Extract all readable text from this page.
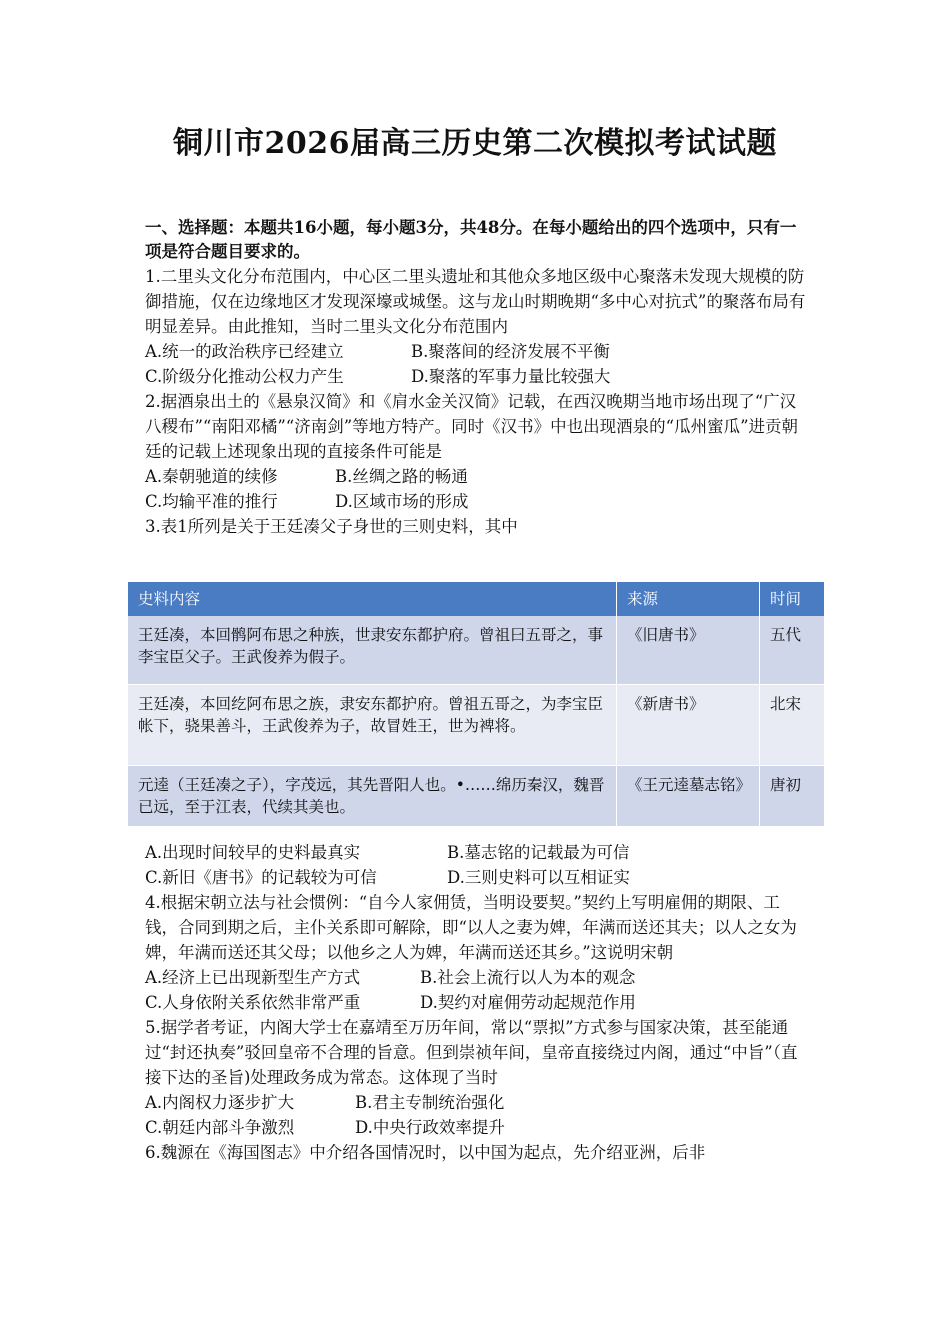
铜川市2026届高三历史第二次模拟考试试题

一、选择题：本题共16小题，每小题3分，共48分。在每小题给出的四个选项中，只有一项是符合题目要求的。

1.二里头文化分布范围内，中心区二里头遗址和其他众多地区级中心聚落未发现大规模的防御措施，仅在边缘地区才发现深壕或城堡。这与龙山时期晚期“多中心对抗式”的聚落布局有明显差异。由此推知，当时二里头文化分布范围内

A.统一的政治秩序已经建立	B.聚落间的经济发展不平衡
C.阶级分化推动公权力产生	D.聚落的军事力量比较强大

2.据酒泉出土的《悬泉汉简》和《肩水金关汉简》记载，在西汉晚期当地市场出现了“广汉八稷布”“南阳邓橘”“济南剑”等地方特产。同时《汉书》中也出现酒泉的“瓜州蜜瓜”进贡朝廷的记载上述现象出现的直接条件可能是

A.秦朝驰道的续修	B.丝绸之路的畅通
C.均输平准的推行	D.区域市场的形成

3.表1所列是关于王廷凑父子身世的三则史料，其中

史料内容	来源	时间
王廷凑，本回鹘阿布思之种族，世隶安东都护府。曾祖曰五哥之，事李宝臣父子。王武俊养为假子。	《旧唐书》	五代
王廷凑，本回纥阿布思之族，隶安东都护府。曾祖五哥之，为李宝臣帐下，骁果善斗，王武俊养为子，故冒姓王，世为裨将。	《新唐书》	北宋
元逵（王廷凑之子），字茂远，其先晋阳人也。•……绵历秦汉，魏晋已远，至于江表，代续其美也。	《王元逵墓志铭》	唐初
A.出现时间较早的史料最真实	B.墓志铭的记载最为可信
C.新旧《唐书》的记载较为可信	D.三则史料可以互相证实

4.根据宋朝立法与社会惯例：“自今人家佣赁，当明设要契。”契约上写明雇佣的期限、工钱，合同到期之后，主仆关系即可解除，即“以人之妻为婢，年满而送还其夫；以人之女为婢，年满而送还其父母；以他乡之人为婢，年满而送还其乡。”这说明宋朝

A.经济上已出现新型生产方式	B.社会上流行以人为本的观念
C.人身依附关系依然非常严重	D.契约对雇佣劳动起规范作用

5.据学者考证，内阁大学士在嘉靖至万历年间，常以“票拟”方式参与国家决策，甚至能通过“封还执奏”驳回皇帝不合理的旨意。但到崇祯年间，皇帝直接绕过内阁，通过“中旨”（直接下达的圣旨)处理政务成为常态。这体现了当时

A.内阁权力逐步扩大	B.君主专制统治强化
C.朝廷内部斗争激烈	D.中央行政效率提升

6.魏源在《海国图志》中介绍各国情况时，以中国为起点，先介绍亚洲，后非
